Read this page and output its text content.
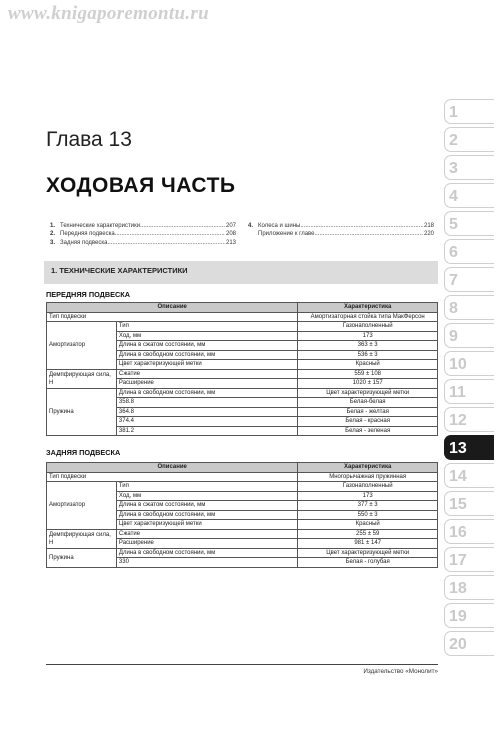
www.knigaporemontu.ru
Глава 13
ХОДОВАЯ ЧАСТЬ
1. Технические характеристики .....	207
2. Передняя подвеска .....	208
3. Задняя подвеска .....	213
4. Колеса и шины .....	218
Приложение к главе .....	220
1. ТЕХНИЧЕСКИЕ ХАРАКТЕРИСТИКИ
ПЕРЕДНЯЯ ПОДВЕСКА
Описание		Характеристика
Тип подвески		Амортизаторная стойка типа МакФерсон
Амортизатор	Тип	Газонаполненный
	Ход, мм	173
	Длина в сжатом состоянии, мм	363 ± 3
	Длина в свободном состоянии, мм	536 ± 3
	Цвет характеризующей метки	Красный
Демпфирующая сила, Н	Сжатие	559 ± 108
	Расширение	1020 ± 157
Пружина	Длина в свободном состоянии, мм	Цвет характеризующей метки
	358.8	Белая-белая
	364.8	Белая - желтая
	374.4	Белая - красная
	381.2	Белая - зеленая
ЗАДНЯЯ ПОДВЕСКА
Описание		Характеристика
Тип подвески		Многорычажная пружинная
Амортизатор	Тип	Газонаполненный
	Ход, мм	173
	Длина в сжатом состоянии, мм	377 ± 3
	Длина в свободном состоянии, мм	550 ± 3
	Цвет характеризующей метки	Красный
Демпфирующая сила, Н	Сжатие	255 ± 59
	Расширение	981 ± 147
Пружина	Длина в свободном состоянии, мм	Цвет характеризующей метки
	330	Белая - голубая
1
2
3
4
5
6
7
8
9
10
11
12
13
14
15
16
17
18
19
20
Издательство «Монолит»
